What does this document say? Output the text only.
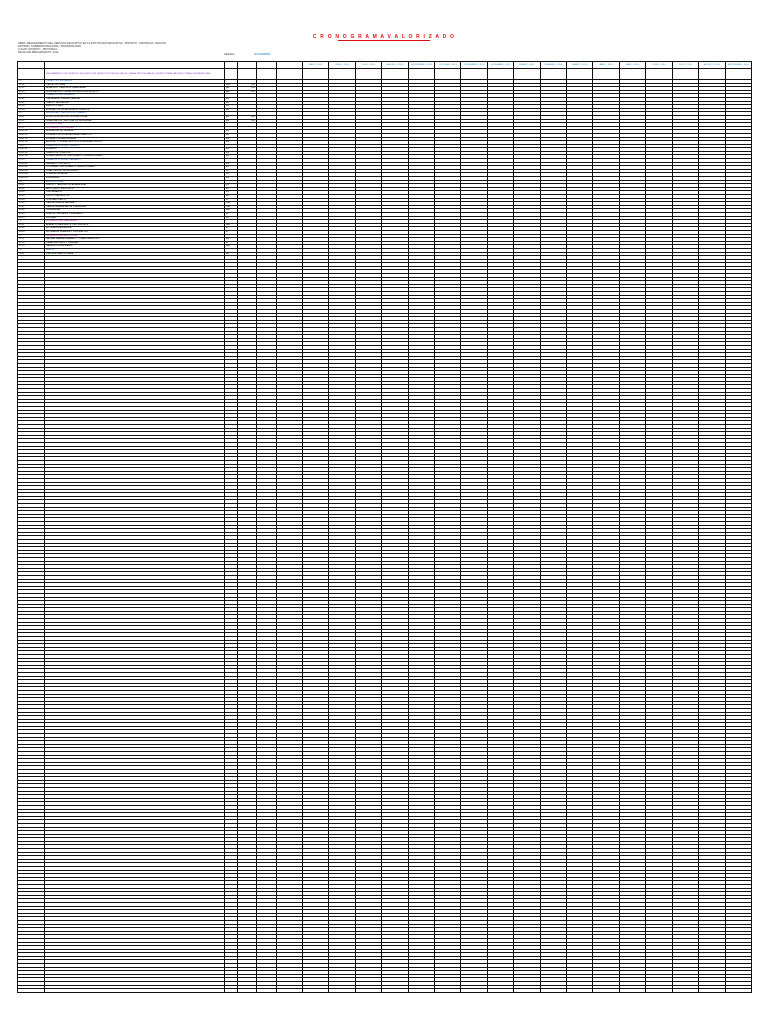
C R O N O G R A M A V A L O R I Z A D O
OBRA: MEJORAMIENTO DEL SERVICIO EDUCATIVO EN LA INSTITUCION EDUCATIVA - DISTRITO - PROVINCIA - REGION
ENTIDAD: GOBIERNO REGIONAL / MUNICIPALIDAD
LUGAR: DISTRITO - PROVINCIA
FECHA DE PRESUPUESTO: 2013	FECHA:	DICIEMBRE
						MAYO - 2013	JUNIO - 2013	JULIO - 2013	AGOSTO - 2013	SEPTIEMBRE - 2013	OCTUBRE - 2013	NOVIEMBRE - 2013	DICIEMBRE - 2013	ENERO - 2014	FEBRERO - 2014	MARZO - 2014	ABRIL - 2014	MAYO - 2014	JUNIO - 2014	JULIO - 2014	AGOSTO - 2014	SEPTIEMBRE - 2014
	MEJORAMIENTO DEL SERVICIO EDUCATIVO EN LA INSTITUCION EDUCATIVA - OBRAS PROVISIONALES, ESTRUCTURAS, ARQUITECTURA E INSTALACIONES																					
01	OBRAS PROVISIONALES																					
01.01	CARTEL DE OBRA	und	1.00																			
01.02	ALMACEN Y CASETA DE GUARDIANIA	glb	1.00																			
01.03	MOVILIZACION Y DESMOVILIZACION DE EQUIPOS	glb	1.00																			
02	TRABAJOS PRELIMINARES																					
02.01	LIMPIEZA DE TERRENO MANUAL	m2																				
02.02	TRAZO Y REPLANTEO	m2																				
02.03	DEMOLICIONES	m2																				
02.04	ELIMINACION DE MATERIAL EXCEDENTE	m3																				
03	SEGURIDAD Y SALUD EN EL TRABAJO																					
03.01	EQUIPOS DE PROTECCION INDIVIDUAL	glb	1.00																			
03.02	SEÑALIZACION TEMPORAL DE SEGURIDAD	glb	1.00																			
04	ESTRUCTURAS																					
04.01	MOVIMIENTO DE TIERRAS																					
04.01.01	NIVELACION DE TERRENO	m2																				
04.01.02	EXCAVACION DE ZANJAS PARA CIMIENTOS	m3																				
04.01.03	EXCAVACION PARA ZAPATAS	m3																				
04.01.04	RELLENO Y COMPACTACION CON MATERIAL PROPIO	m3																				
04.02	OBRAS DE CONCRETO SIMPLE																					
04.02.01	SOLADOS	m2																				
04.02.02	CIMIENTOS CORRIDOS	m3																				
04.02.03	SOBRECIMIENTOS - ENCOFRADO Y DESENCOFRADO	m2																				
04.03	OBRAS DE CONCRETO ARMADO																					
04.03.01	ZAPATAS - CONCRETO	m3																				
04.03.02	COLUMNAS - ENCOFRADO Y DESENCOFRADO	m2																				
04.03.03	VIGAS - ACERO DE REFUERZO	kg																				
04.03.04	LOSAS ALIGERADAS	m2																				
04.03.05	ESCALERAS	m3																				
05	ARQUITECTURA																					
05.01	MUROS Y TABIQUES DE ALBAÑILERIA	m2																				
05.02	REVOQUES Y ENLUCIDOS	m2																				
05.03	CIELORRASOS	m2																				
05.04	PISOS Y PAVIMENTOS	m2																				
05.05	CONTRAZOCALOS	m																				
05.06	CARPINTERIA DE MADERA	und																				
05.07	CARPINTERIA METALICA Y HERRERIA	und																				
05.08	CERRAJERIA	und																				
05.09	VIDRIOS, CRISTALES Y SIMILARES	p2																				
05.10	PINTURA	m2																				
06	INSTALACIONES SANITARIAS																					
06.01	APARATOS SANITARIOS Y ACCESORIOS	und																				
06.02	SISTEMA DE AGUA FRIA	m																				
06.03	SISTEMA DE DESAGUE Y VENTILACION	m																				
07	INSTALACIONES ELECTRICAS																					
07.01	SALIDAS PARA ALUMBRADO Y TOMACORRIENTES	pto																				
07.02	CANALIZACIONES Y TUBERIAS	m																				
07.03	TABLEROS PRINCIPALES	und																				
08	VARIOS																					
08.01	LIMPIEZA FINAL DE OBRA	m2																				
